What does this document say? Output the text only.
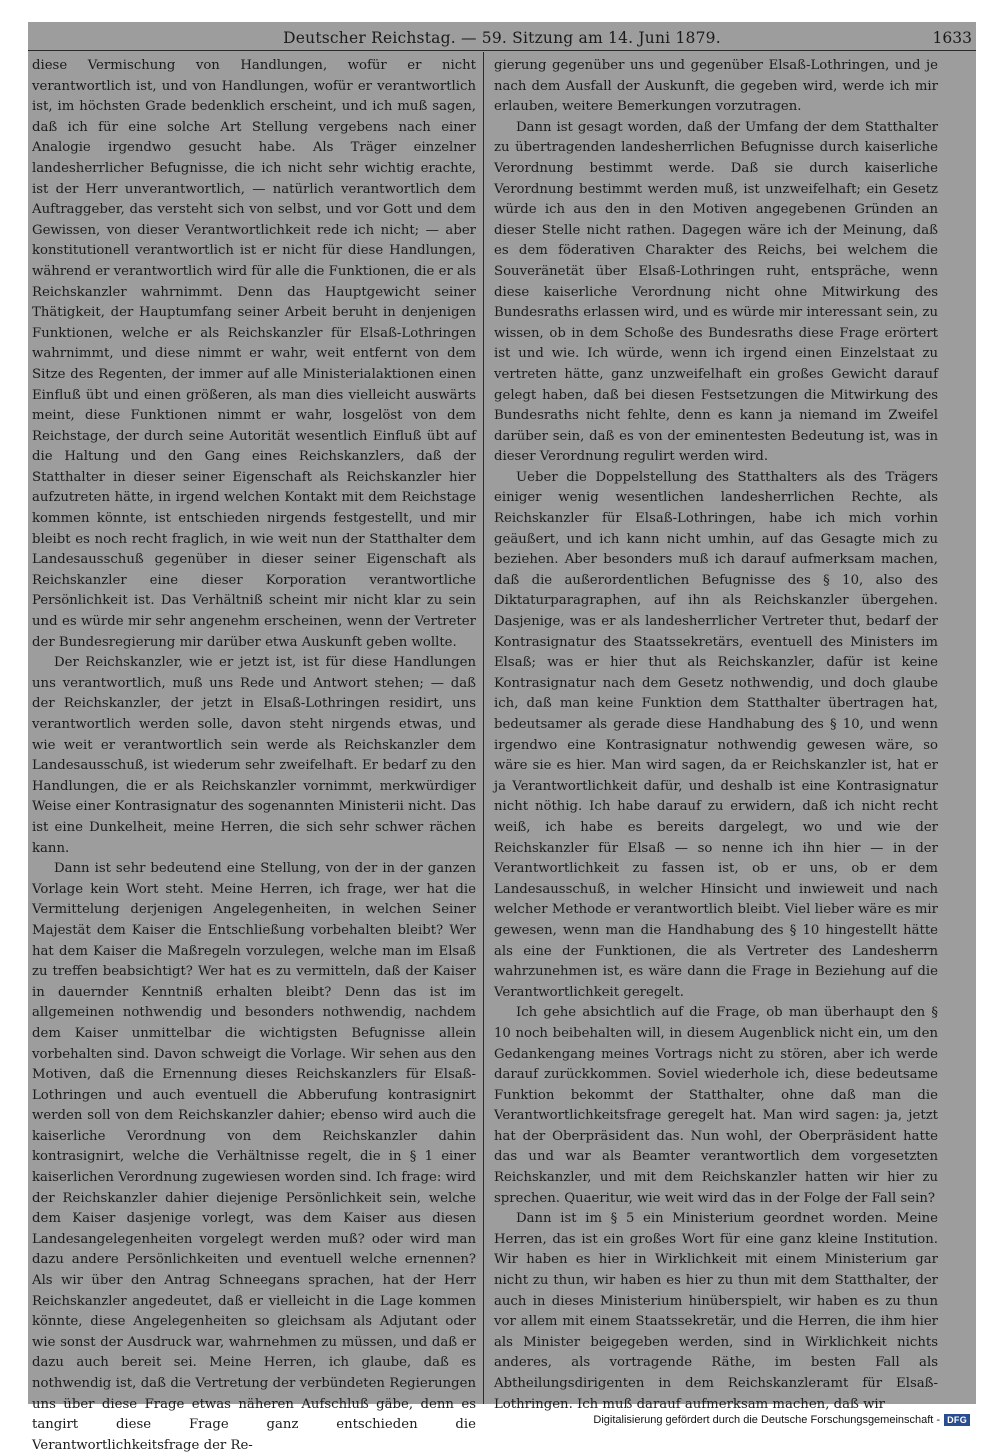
Deutscher Reichstag. — 59. Sitzung am 14. Juni 1879.	1633

diese Vermischung von Handlungen, wofür er nicht verantwortlich ist, und von Handlungen, wofür er verantwortlich ist, im höchsten Grade bedenklich erscheint, und ich muß sagen, daß ich für eine solche Art Stellung vergebens nach einer Analogie irgendwo gesucht habe. Als Träger einzelner landesherrlicher Befugnisse, die ich nicht sehr wichtig erachte, ist der Herr unverantwortlich, — natürlich verantwortlich dem Auftraggeber, das versteht sich von selbst, und vor Gott und dem Gewissen, von dieser Verantwortlichkeit rede ich nicht; — aber konstitutionell verantwortlich ist er nicht für diese Handlungen, während er verantwortlich wird für alle die Funktionen, die er als Reichskanzler wahrnimmt. Denn das Hauptgewicht seiner Thätigkeit, der Hauptumfang seiner Arbeit beruht in denjenigen Funktionen, welche er als Reichskanzler für Elsaß-Lothringen wahrnimmt, und diese nimmt er wahr, weit entfernt von dem Sitze des Regenten, der immer auf alle Ministerialaktionen einen Einfluß übt und einen größeren, als man dies vielleicht auswärts meint, diese Funktionen nimmt er wahr, losgelöst von dem Reichstage, der durch seine Autorität wesentlich Einfluß übt auf die Haltung und den Gang eines Reichskanzlers, daß der Statthalter in dieser seiner Eigenschaft als Reichskanzler hier aufzutreten hätte, in irgend welchen Kontakt mit dem Reichstage kommen könnte, ist entschieden nirgends festgestellt, und mir bleibt es noch recht fraglich, in wie weit nun der Statthalter dem Landesausschuß gegenüber in dieser seiner Eigenschaft als Reichskanzler eine dieser Korporation verantwortliche Persönlichkeit ist. Das Verhältniß scheint mir nicht klar zu sein und es würde mir sehr angenehm erscheinen, wenn der Vertreter der Bundesregierung mir darüber etwa Auskunft geben wollte.

Der Reichskanzler, wie er jetzt ist, ist für diese Handlungen uns verantwortlich, muß uns Rede und Antwort stehen; — daß der Reichskanzler, der jetzt in Elsaß-Lothringen residirt, uns verantwortlich werden solle, davon steht nirgends etwas, und wie weit er verantwortlich sein werde als Reichskanzler dem Landesausschuß, ist wiederum sehr zweifelhaft. Er bedarf zu den Handlungen, die er als Reichskanzler vornimmt, merkwürdiger Weise einer Kontrasignatur des sogenannten Ministerii nicht. Das ist eine Dunkelheit, meine Herren, die sich sehr schwer rächen kann.

Dann ist sehr bedeutend eine Stellung, von der in der ganzen Vorlage kein Wort steht. Meine Herren, ich frage, wer hat die Vermittelung derjenigen Angelegenheiten, in welchen Seiner Majestät dem Kaiser die Entschließung vorbehalten bleibt? Wer hat dem Kaiser die Maßregeln vorzulegen, welche man im Elsaß zu treffen beabsichtigt? Wer hat es zu vermitteln, daß der Kaiser in dauernder Kenntniß erhalten bleibt? Denn das ist im allgemeinen nothwendig und besonders nothwendig, nachdem dem Kaiser unmittelbar die wichtigsten Befugnisse allein vorbehalten sind. Davon schweigt die Vorlage. Wir sehen aus den Motiven, daß die Ernennung dieses Reichskanzlers für Elsaß-Lothringen und auch eventuell die Abberufung kontrasignirt werden soll von dem Reichskanzler dahier; ebenso wird auch die kaiserliche Verordnung von dem Reichskanzler dahin kontrasignirt, welche die Verhältnisse regelt, die in § 1 einer kaiserlichen Verordnung zugewiesen worden sind. Ich frage: wird der Reichskanzler dahier diejenige Persönlichkeit sein, welche dem Kaiser dasjenige vorlegt, was dem Kaiser aus diesen Landesangelegenheiten vorgelegt werden muß? oder wird man dazu andere Persönlichkeiten und eventuell welche ernennen? Als wir über den Antrag Schneegans sprachen, hat der Herr Reichskanzler angedeutet, daß er vielleicht in die Lage kommen könnte, diese Angelegenheiten so gleichsam als Adjutant oder wie sonst der Ausdruck war, wahrnehmen zu müssen, und daß er dazu auch bereit sei. Meine Herren, ich glaube, daß es nothwendig ist, daß die Vertretung der verbündeten Regierungen uns über diese Frage etwas näheren Aufschluß gäbe, denn es tangirt diese Frage ganz entschieden die Verantwortlichkeitsfrage der Re-

gierung gegenüber uns und gegenüber Elsaß-Lothringen, und je nach dem Ausfall der Auskunft, die gegeben wird, werde ich mir erlauben, weitere Bemerkungen vorzutragen.

Dann ist gesagt worden, daß der Umfang der dem Statthalter zu übertragenden landesherrlichen Befugnisse durch kaiserliche Verordnung bestimmt werde. Daß sie durch kaiserliche Verordnung bestimmt werden muß, ist unzweifelhaft; ein Gesetz würde ich aus den in den Motiven angegebenen Gründen an dieser Stelle nicht rathen. Dagegen wäre ich der Meinung, daß es dem föderativen Charakter des Reichs, bei welchem die Souveränetät über Elsaß-Lothringen ruht, entspräche, wenn diese kaiserliche Verordnung nicht ohne Mitwirkung des Bundesraths erlassen wird, und es würde mir interessant sein, zu wissen, ob in dem Schoße des Bundesraths diese Frage erörtert ist und wie. Ich würde, wenn ich irgend einen Einzelstaat zu vertreten hätte, ganz unzweifelhaft ein großes Gewicht darauf gelegt haben, daß bei diesen Festsetzungen die Mitwirkung des Bundesraths nicht fehlte, denn es kann ja niemand im Zweifel darüber sein, daß es von der eminentesten Bedeutung ist, was in dieser Verordnung regulirt werden wird.

Ueber die Doppelstellung des Statthalters als des Trägers einiger wenig wesentlichen landesherrlichen Rechte, als Reichskanzler für Elsaß-Lothringen, habe ich mich vorhin geäußert, und ich kann nicht umhin, auf das Gesagte mich zu beziehen. Aber besonders muß ich darauf aufmerksam machen, daß die außerordentlichen Befugnisse des § 10, also des Diktaturparagraphen, auf ihn als Reichskanzler übergehen. Dasjenige, was er als landesherrlicher Vertreter thut, bedarf der Kontrasignatur des Staatssekretärs, eventuell des Ministers im Elsaß; was er hier thut als Reichskanzler, dafür ist keine Kontrasignatur nach dem Gesetz nothwendig, und doch glaube ich, daß man keine Funktion dem Statthalter übertragen hat, bedeutsamer als gerade diese Handhabung des § 10, und wenn irgendwo eine Kontrasignatur nothwendig gewesen wäre, so wäre sie es hier. Man wird sagen, da er Reichskanzler ist, hat er ja Verantwortlichkeit dafür, und deshalb ist eine Kontrasignatur nicht nöthig. Ich habe darauf zu erwidern, daß ich nicht recht weiß, ich habe es bereits dargelegt, wo und wie der Reichskanzler für Elsaß — so nenne ich ihn hier — in der Verantwortlichkeit zu fassen ist, ob er uns, ob er dem Landesausschuß, in welcher Hinsicht und inwieweit und nach welcher Methode er verantwortlich bleibt. Viel lieber wäre es mir gewesen, wenn man die Handhabung des § 10 hingestellt hätte als eine der Funktionen, die als Vertreter des Landesherrn wahrzunehmen ist, es wäre dann die Frage in Beziehung auf die Verantwortlichkeit geregelt.

Ich gehe absichtlich auf die Frage, ob man überhaupt den § 10 noch beibehalten will, in diesem Augenblick nicht ein, um den Gedankengang meines Vortrags nicht zu stören, aber ich werde darauf zurückkommen. Soviel wiederhole ich, diese bedeutsame Funktion bekommt der Statthalter, ohne daß man die Verantwortlichkeitsfrage geregelt hat. Man wird sagen: ja, jetzt hat der Oberpräsident das. Nun wohl, der Oberpräsident hatte das und war als Beamter verantwortlich dem vorgesetzten Reichskanzler, und mit dem Reichskanzler hatten wir hier zu sprechen. Quaeritur, wie weit wird das in der Folge der Fall sein?

Dann ist im § 5 ein Ministerium geordnet worden. Meine Herren, das ist ein großes Wort für eine ganz kleine Institution. Wir haben es hier in Wirklichkeit mit einem Ministerium gar nicht zu thun, wir haben es hier zu thun mit dem Statthalter, der auch in dieses Ministerium hinüberspielt, wir haben es zu thun vor allem mit einem Staatssekretär, und die Herren, die ihm hier als Minister beigegeben werden, sind in Wirklichkeit nichts anderes, als vortragende Räthe, im besten Fall als Abtheilungsdirigenten in dem Reichskanzleramt für Elsaß-Lothringen. Ich muß darauf aufmerksam machen, daß wir

Digitalisierung gefördert durch die Deutsche Forschungsgemeinschaft - DFG
